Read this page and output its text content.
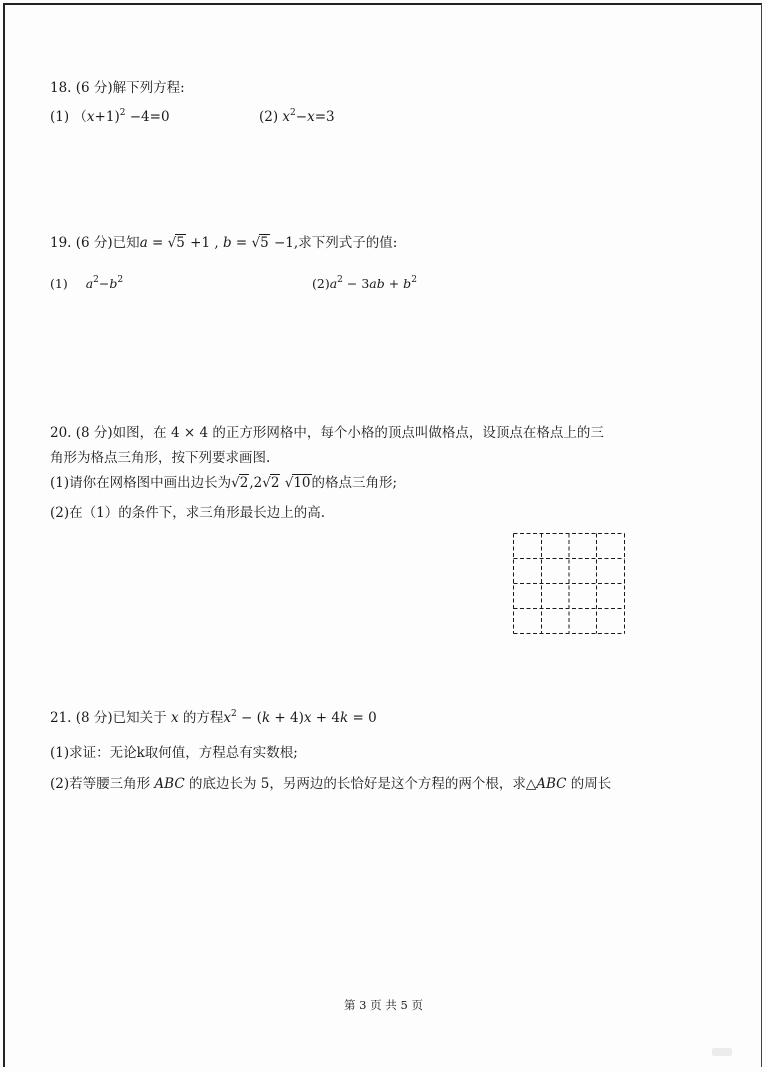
18. (6 分)解下列方程:
(1) （x+1)$^2$ −4=0	(2) $x^2-x=3$
19. (6 分)已知a = √5 +1 , b = √5 −1,求下列式子的值:
(1) $a^2-b^2$	$(2)a^2 - 3ab + b^2$
20. (8 分)如图，在 4 × 4 的正方形网格中，每个小格的顶点叫做格点，设顶点在格点上的三
角形为格点三角形，按下列要求画图.
(1)请你在网格图中画出边长为√2,2√2 √10的格点三角形;
(2)在（1）的条件下，求三角形最长边上的高.
21. (8 分)已知关于 x 的方程$x^2 - (k + 4)x + 4k = 0$
(1)求证：无论k取何值，方程总有实数根;
(2)若等腰三角形 ABC 的底边长为 5，另两边的长恰好是这个方程的两个根，求△ABC 的周长
第 3 页 共 5 页
